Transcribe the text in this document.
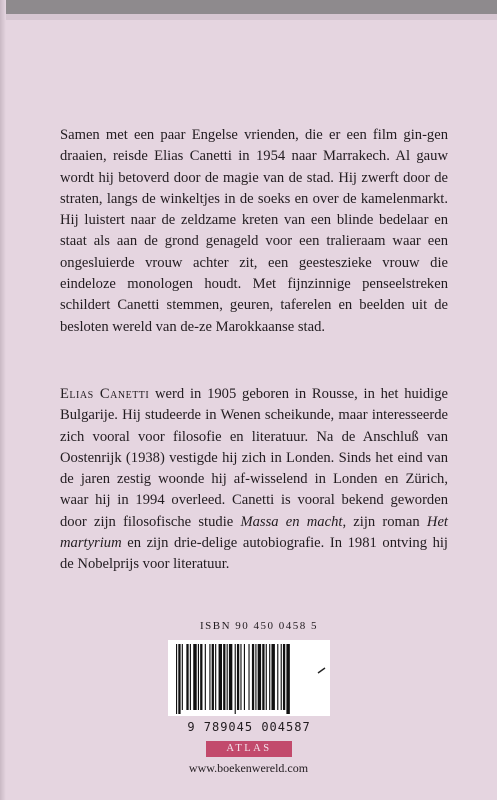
Samen met een paar Engelse vrienden, die er een film gin-gen draaien, reisde Elias Canetti in 1954 naar Marrakech. Al gauw wordt hij betoverd door de magie van de stad. Hij zwerft door de straten, langs de winkeltjes in de soeks en over de kamelenmarkt. Hij luistert naar de zeldzame kreten van een blinde bedelaar en staat als aan de grond genageld voor een tralieraam waar een ongesluierde vrouw achter zit, een geesteszieke vrouw die eindeloze monologen houdt. Met fijnzinnige penseelstreken schildert Canetti stemmen, geuren, taferelen en beelden uit de besloten wereld van de-ze Marokkaanse stad.

Elias Canetti werd in 1905 geboren in Rousse, in het huidige Bulgarije. Hij studeerde in Wenen scheikunde, maar interesseerde zich vooral voor filosofie en literatuur. Na de Anschluß van Oostenrijk (1938) vestigde hij zich in Londen. Sinds het eind van de jaren zestig woonde hij af-wisselend in Londen en Zürich, waar hij in 1994 overleed. Canetti is vooral bekend geworden door zijn filosofische studie Massa en macht, zijn roman Het martyrium en zijn drie-delige autobiografie. In 1981 ontving hij de Nobelprijs voor literatuur.

ISBN 90 450 0458 5
9 789045 004587
ATLAS
www.boekenwereld.com
